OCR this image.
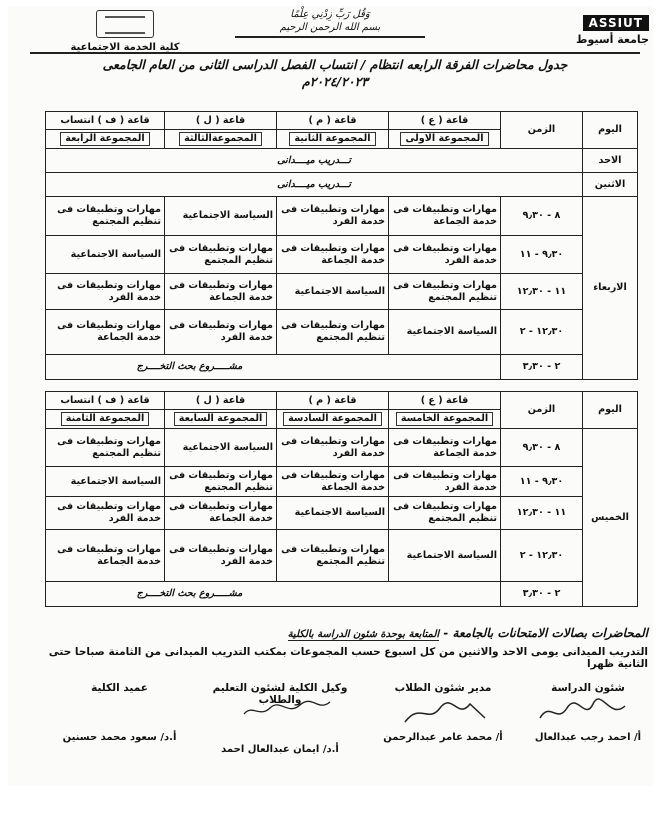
ASSIUT
جامعة أسيوط
وَقُل رَبِّ زِدْنِي عِلْمًا
بسم الله الرحمن الرحيم
كلية الخدمة الاجتماعية
جدول محاضرات الفرقة الرابعه انتظام / انتساب الفصل الدراسى الثانى من العام الجامعى
٢٠٢٤/٢٠٢٣م
اليوم	الزمن	قاعة ( ع )	قاعة ( م )	قاعة ( ل )	قاعة ( ف ) انتساب
		المجموعة الاولى	المجموعة الثانية	المجموعةالثالثة	المجموعة الرابعة
الاحد	تـــدريب ميــــدانى				
الاثنين	تـــدريب ميــــدانى				
الاربعاء	٨ - ٩٫٣٠	مهارات وتطبيقات فى خدمة الجماعة	مهارات وتطبيقات فى خدمة الفرد	السياسة الاجتماعية	مهارات وتطبيقات فى تنظيم المجتمع
	٩٫٣٠ - ١١	مهارات وتطبيقات فى خدمة الفرد	مهارات وتطبيقات فى خدمة الجماعة	مهارات وتطبيقات فى تنظيم المجتمع	السياسة الاجتماعية
	١١ - ١٢٫٣٠	مهارات وتطبيقات فى تنظيم المجتمع	السياسة الاجتماعية	مهارات وتطبيقات فى خدمة الجماعة	مهارات وتطبيقات فى خدمة الفرد
	١٢٫٣٠ - ٢	السياسة الاجتماعية	مهارات وتطبيقات فى تنظيم المجتمع	مهارات وتطبيقات فى خدمة الفرد	مهارات وتطبيقات فى خدمة الجماعة
	٢ - ٣٫٣٠	مشـــــروع بحث التخــــرج			
اليوم	الزمن	قاعة ( ع )	قاعة ( م )	قاعة ( ل )	قاعة ( ف ) انتساب
		المجموعة الخامسة	المجموعة السادسة	المجموعة السابعة	المجموعة الثامنة
الخميس	٨ - ٩٫٣٠	مهارات وتطبيقات فى خدمة الجماعة	مهارات وتطبيقات فى خدمة الفرد	السياسة الاجتماعية	مهارات وتطبيقات فى تنظيم المجتمع
	٩٫٣٠ - ١١	مهارات وتطبيقات فى خدمة الفرد	مهارات وتطبيقات فى خدمة الجماعة	مهارات وتطبيقات فى تنظيم المجتمع	السياسة الاجتماعية
	١١ - ١٢٫٣٠	مهارات وتطبيقات فى تنظيم المجتمع	السياسة الاجتماعية	مهارات وتطبيقات فى خدمة الجماعة	مهارات وتطبيقات فى خدمة الفرد
	١٢٫٣٠ - ٢	السياسة الاجتماعية	مهارات وتطبيقات فى تنظيم المجتمع	مهارات وتطبيقات فى خدمة الفرد	مهارات وتطبيقات فى خدمة الجماعة
	٢ - ٣٫٣٠	مشـــــروع بحث التخــــرج			
المحاضرات بصالات الامتحانات بالجامعة - المتابعة بوحدة شئون الدراسة بالكلية
التدريب الميدانى يومى الاحد والاثنين من كل اسبوع حسب المجموعات بمكتب التدريب الميدانى من الثامنة صباحا حتى الثانية ظهرا
شئون الدراسة
أ/ احمد رجب عبدالعال
مدير شئون الطلاب
أ/ محمد عامر عبدالرحمن
وكيل الكلية لشئون التعليم والطلاب
أ.د/ ايمان عبدالعال احمد
عميد الكلية
أ.د/ سعود محمد حسنين
